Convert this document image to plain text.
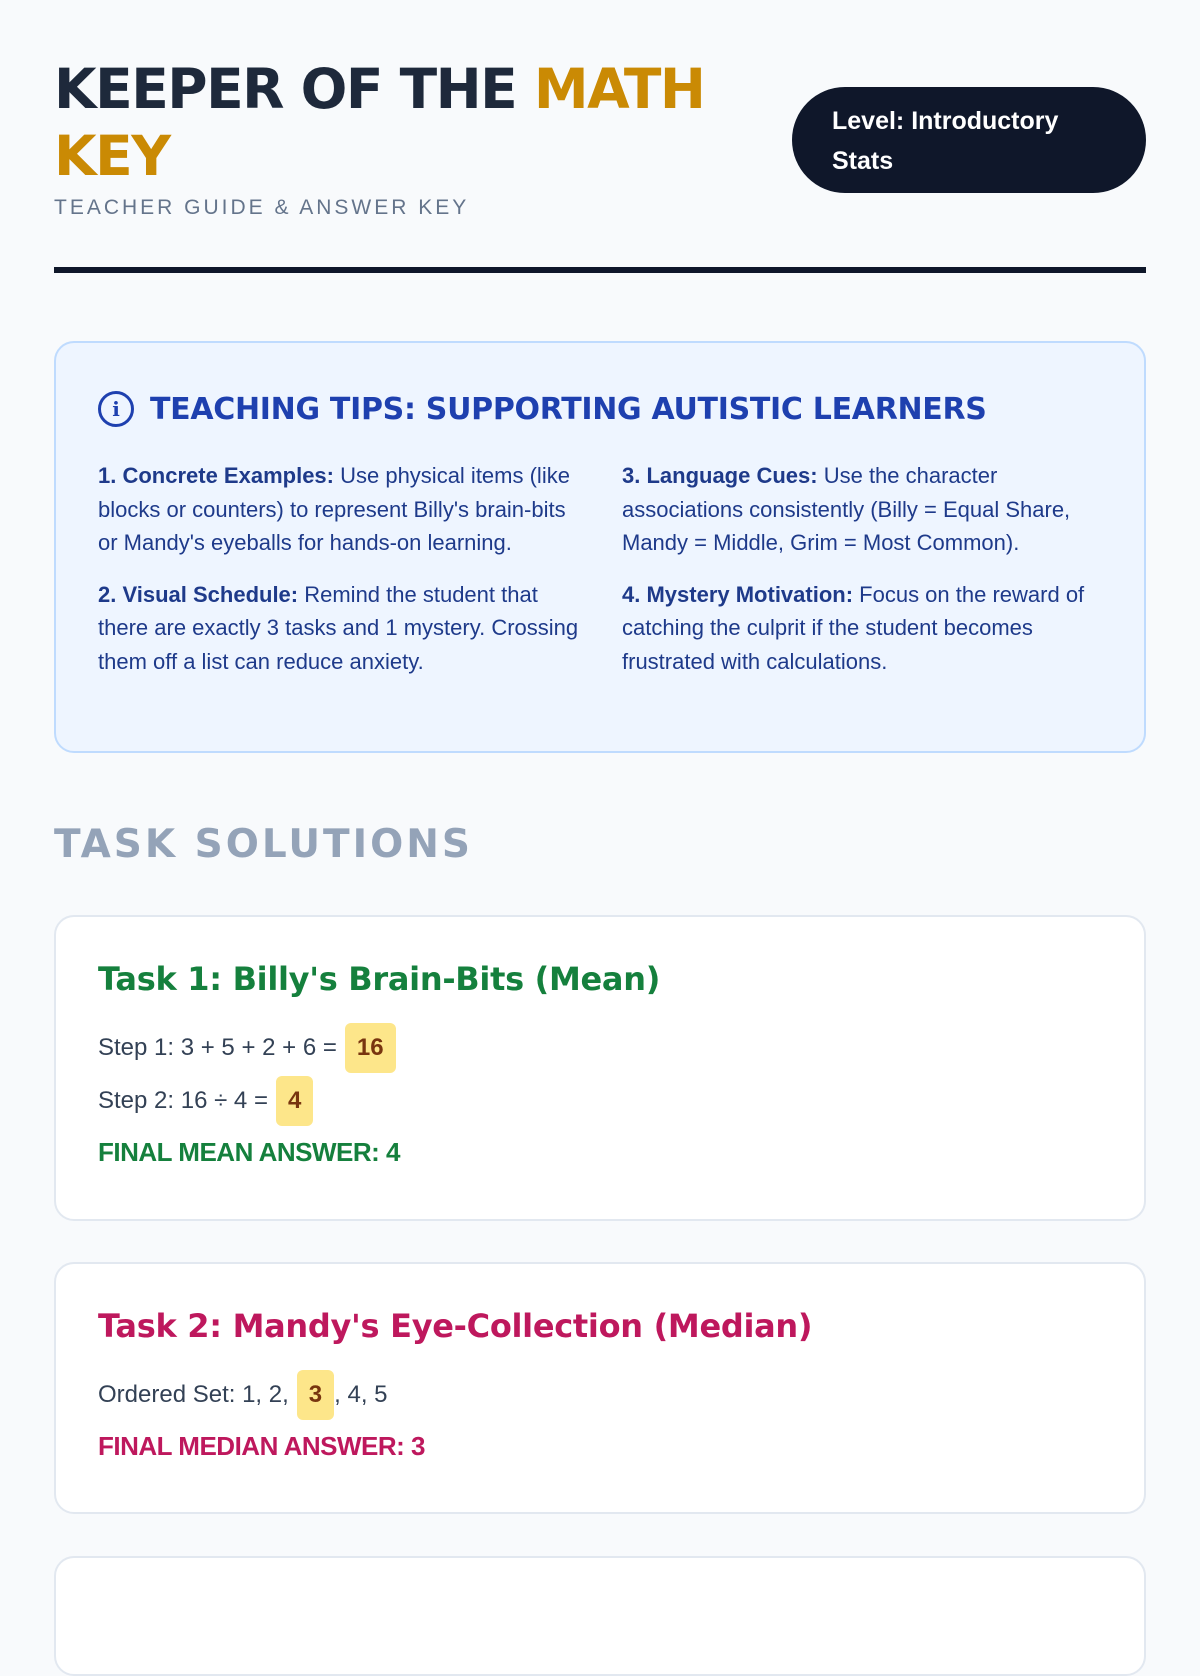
KEEPER OF THE MATH KEY
TEACHER GUIDE & ANSWER KEY
Level: Introductory Stats
i	TEACHING TIPS: SUPPORTING AUTISTIC LEARNERS

1. Concrete Examples: Use physical items (like blocks or counters) to represent Billy's brain-bits or Mandy's eyeballs for hands-on learning.

3. Language Cues: Use the character associations consistently (Billy = Equal Share, Mandy = Middle, Grim = Most Common).

2. Visual Schedule: Remind the student that there are exactly 3 tasks and 1 mystery. Crossing them off a list can reduce anxiety.

4. Mystery Motivation: Focus on the reward of catching the culprit if the student becomes frustrated with calculations.

TASK SOLUTIONS
Task 1: Billy's Brain-Bits (Mean)
Step 1: 3 + 5 + 2 + 6 = 16
Step 2: 16 ÷ 4 = 4
FINAL MEAN ANSWER: 4
Task 2: Mandy's Eye-Collection (Median)
Ordered Set: 1, 2, 3 , 4, 5
FINAL MEDIAN ANSWER: 3
